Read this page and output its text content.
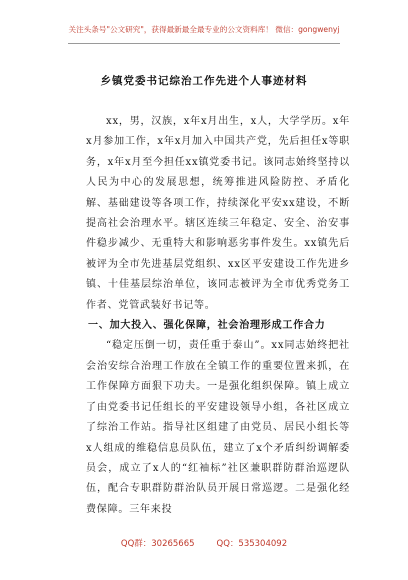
关注头条号"公文研究"，获得最新最全最专业的公文资料库！ 微信：gongwenyj
乡镇党委书记综治工作先进个人事迹材料

xx，男，汉族，x年x月出生，x人，大学学历。x年x月参加工作，x年x月加入中国共产党，先后担任x等职务，x年x月至今担任xx镇党委书记。该同志始终坚持以人民为中心的发展思想，统筹推进风险防控、矛盾化解、基础建设等各项工作，持续深化平安xx建设，不断提高社会治理水平。辖区连续三年稳定、安全、治安事件稳步减少、无重特大和影响恶劣事件发生。xx镇先后被评为全市先进基层党组织、xx区平安建设工作先进乡镇、十佳基层综治单位，该同志被评为全市优秀党务工作者、党管武装好书记等。

一、加大投入、强化保障，社会治理形成工作合力

“稳定压倒一切，责任重于泰山”。xx同志始终把社会治安综合治理工作放在全镇工作的重要位置来抓，在工作保障方面狠下功夫。一是强化组织保障。镇上成立了由党委书记任组长的平安建设领导小组，各社区成立了综治工作站。指导社区组建了由党员、居民小组长等x人组成的维稳信息员队伍，建立了x个矛盾纠纷调解委员会，成立了x人的“红袖标”社区兼职群防群治巡逻队伍，配合专职群防群治队员开展日常巡逻。二是强化经费保障。三年来投

QQ群：30265665	QQ：535304092
